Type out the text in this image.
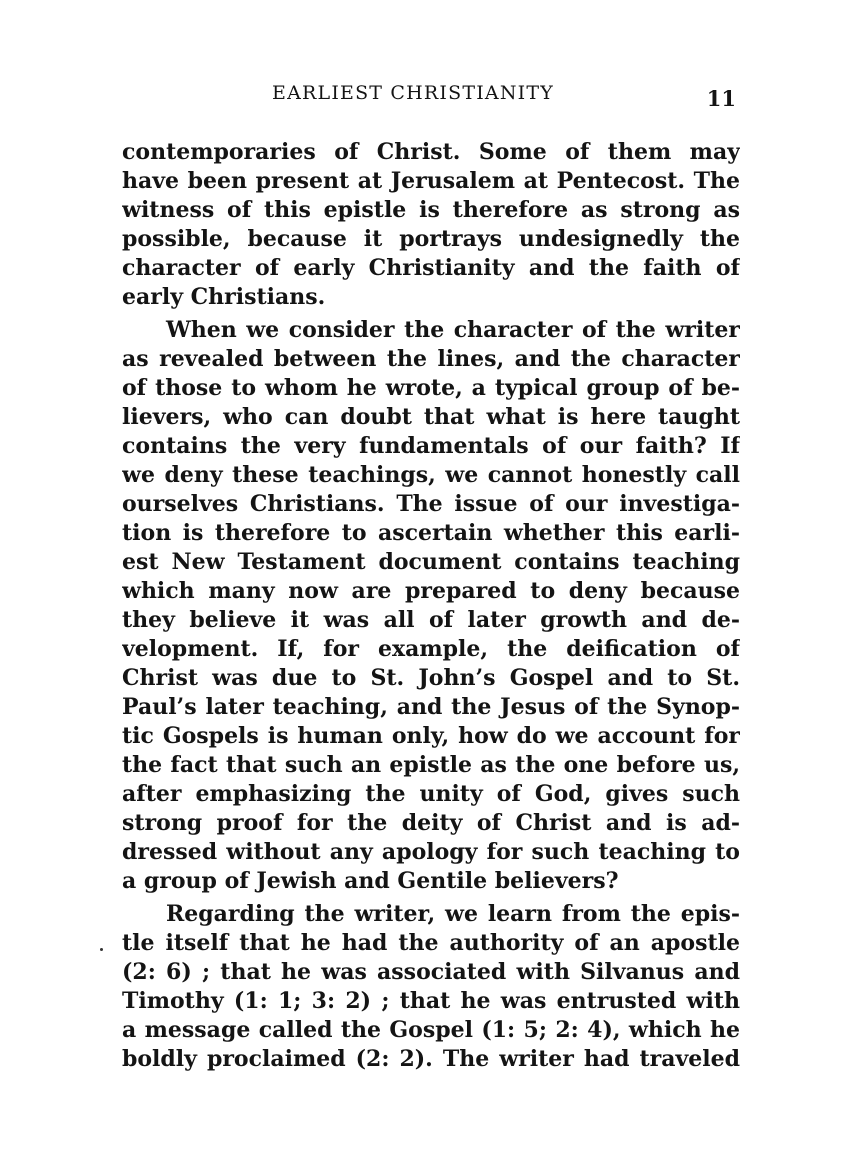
EARLIEST CHRISTIANITY	11
contemporaries of Christ. Some of them may
have been present at Jerusalem at Pentecost. The
witness of this epistle is therefore as strong as
possible, because it portrays undesignedly the
character of early Christianity and the faith of
early Christians.
When we consider the character of the writer
as revealed between the lines, and the character
of those to whom he wrote, a typical group of be-
lievers, who can doubt that what is here taught
contains the very fundamentals of our faith? If
we deny these teachings, we cannot honestly call
ourselves Christians. The issue of our investiga-
tion is therefore to ascertain whether this earli-
est New Testament document contains teaching
which many now are prepared to deny because
they believe it was all of later growth and de-
velopment. If, for example, the deification of
Christ was due to St. John’s Gospel and to St.
Paul’s later teaching, and the Jesus of the Synop-
tic Gospels is human only, how do we account for
the fact that such an epistle as the one before us,
after emphasizing the unity of God, gives such
strong proof for the deity of Christ and is ad-
dressed without any apology for such teaching to
a group of Jewish and Gentile believers?
Regarding the writer, we learn from the epis-
tle itself that he had the authority of an apostle
(2: 6) ; that he was associated with Silvanus and
Timothy (1: 1; 3: 2) ; that he was entrusted with
a message called the Gospel (1: 5; 2: 4), which he
boldly proclaimed (2: 2). The writer had traveled
